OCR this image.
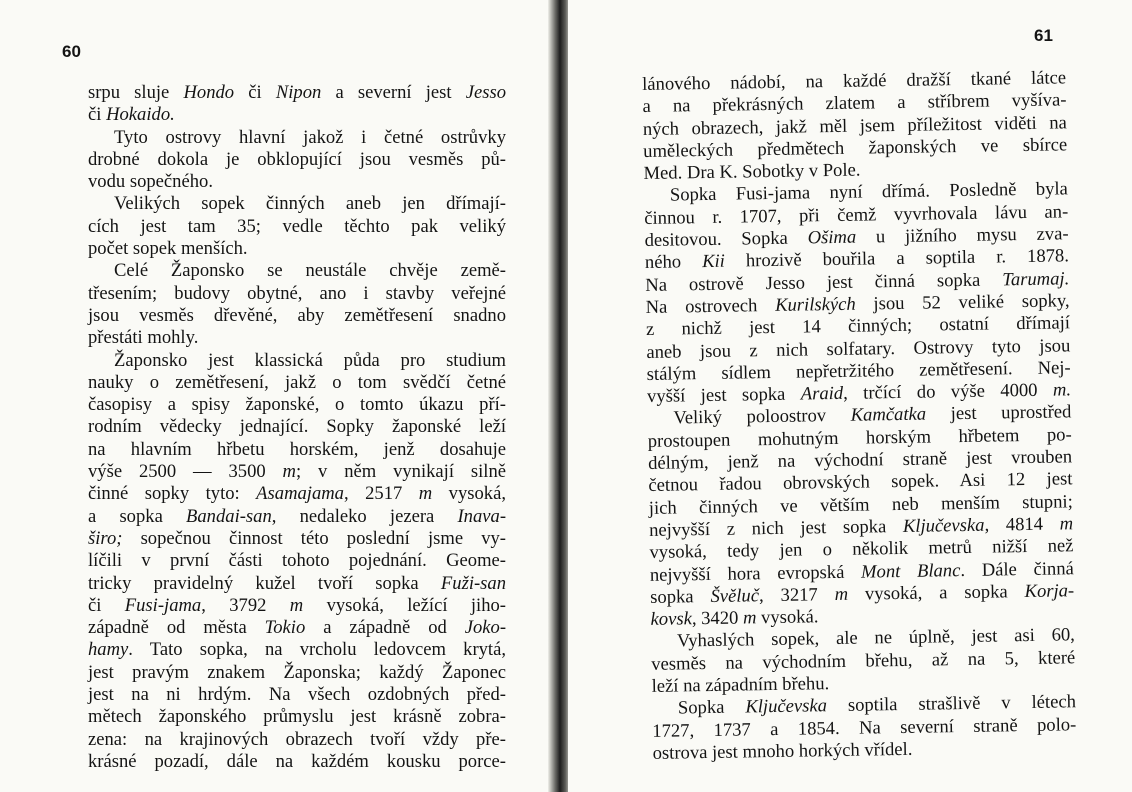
60
srpu sluje Hondo či Nipon a severní jest Jesso
či Hokaido.
Tyto ostrovy hlavní jakož i četné ostrůvky
drobné dokola je obklopující jsou vesměs pů-
vodu sopečného.
Velikých sopek činných aneb jen dřímají-
cích jest tam 35; vedle těchto pak veliký
počet sopek menších.
Celé Žaponsko se neustále chvěje země-
třesením; budovy obytné, ano i stavby veřejné
jsou vesměs dřevěné, aby zemětřesení snadno
přestáti mohly.
Žaponsko jest klassická půda pro studium
nauky o zemětřesení, jakž o tom svědčí četné
časopisy a spisy žaponské, o tomto úkazu pří-
rodním vědecky jednající. Sopky žaponské leží
na hlavním hřbetu horském, jenž dosahuje
výše 2500 — 3500 m; v něm vynikají silně
činné sopky tyto: Asamajama, 2517 m vysoká,
a sopka Bandai-san, nedaleko jezera Inava-
širo; sopečnou činnost této poslední jsme vy-
líčili v první části tohoto pojednání. Geome-
tricky pravidelný kužel tvoří sopka Fuži-san
či Fusi-jama, 3792 m vysoká, ležící jiho-
západně od města Tokio a západně od Joko-
hamy. Tato sopka, na vrcholu ledovcem krytá,
jest pravým znakem Žaponska; každý Žaponec
jest na ni hrdým. Na všech ozdobných před-
mětech žaponského průmyslu jest krásně zobra-
zena: na krajinových obrazech tvoří vždy pře-
krásné pozadí, dále na každém kousku porce-
61
lánového nádobí, na každé dražší tkané látce
a na překrásných zlatem a stříbrem vyšíva-
ných obrazech, jakž měl jsem příležitost viděti na
uměleckých předmětech žaponských ve sbírce
Med. Dra K. Sobotky v Pole.
Sopka Fusi-jama nyní dřímá. Posledně byla
činnou r. 1707, při čemž vyvrhovala lávu an-
desitovou. Sopka Ošima u jižního mysu zva-
ného Kii hrozivě bouřila a soptila r. 1878.
Na ostrově Jesso jest činná sopka Tarumaj.
Na ostrovech Kurilských jsou 52 veliké sopky,
z nichž jest 14 činných; ostatní dřímají
aneb jsou z nich solfatary. Ostrovy tyto jsou
stálým sídlem nepřetržitého zemětřesení. Nej-
vyšší jest sopka Araid, trčící do výše 4000 m.
Veliký poloostrov Kamčatka jest uprostřed
prostoupen mohutným horským hřbetem po-
délným, jenž na východní straně jest vrouben
četnou řadou obrovských sopek. Asi 12 jest
jich činných ve větším neb menším stupni;
nejvyšší z nich jest sopka Ključevska, 4814 m
vysoká, tedy jen o několik metrů nižší než
nejvyšší hora evropská Mont Blanc. Dále činná
sopka Švěluč, 3217 m vysoká, a sopka Korja-
kovsk, 3420 m vysoká.
Vyhaslých sopek, ale ne úplně, jest asi 60,
vesměs na východním břehu, až na 5, které
leží na západním břehu.
Sopka Ključevska soptila strašlivě v létech
1727, 1737 a 1854. Na severní straně polo-
ostrova jest mnoho horkých vřídel.
